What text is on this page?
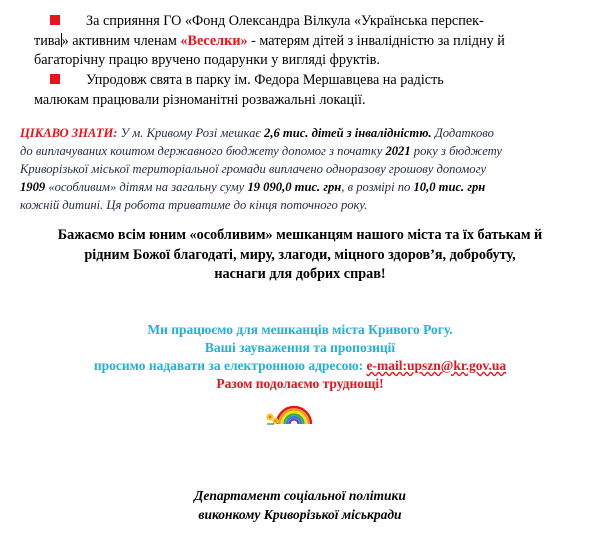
За сприяння ГО «Фонд Олександра Вілкула «Українська перспек-
тива» активним членам «Веселки» - матерям дітей з інвалідністю за плідну й
багаторічну працю вручено подарунки у вигляді фруктів.
Упродовж свята в парку ім. Федора Мершавцева на радість
малюкам працювали різноманітні розважальні локації.
ЦІКАВО ЗНАТИ: У м. Кривому Розі мешкає 2,6 тис. дітей з інвалідністю. Додатково
до виплачуваних коштом державного бюджету допомог з початку 2021 року з бюджету
Криворізької міської територіальної громади виплачено одноразову грошову допомогу
1909 «особливим» дітям на загальну суму 19 090,0 тис. грн, в розмірі по 10,0 тис. грн
кожній дитині. Ця робота триватиме до кінця поточного року.
Бажаємо всім юним «особливим» мешканцям нашого міста та їх батькам й
рідним Божої благодаті, миру, злагоди, міцного здоров’я, добробуту,
наснаги для добрих справ!
Ми працюємо для мешканців міста Кривого Рогу.
Ваші зауваження та пропозиції
просимо надавати за електронною адресою: e-mail:upszn@kr.gov.ua
Разом подолаємо труднощі!
Департамент соціальної політики
виконкому Криворізької міськради
